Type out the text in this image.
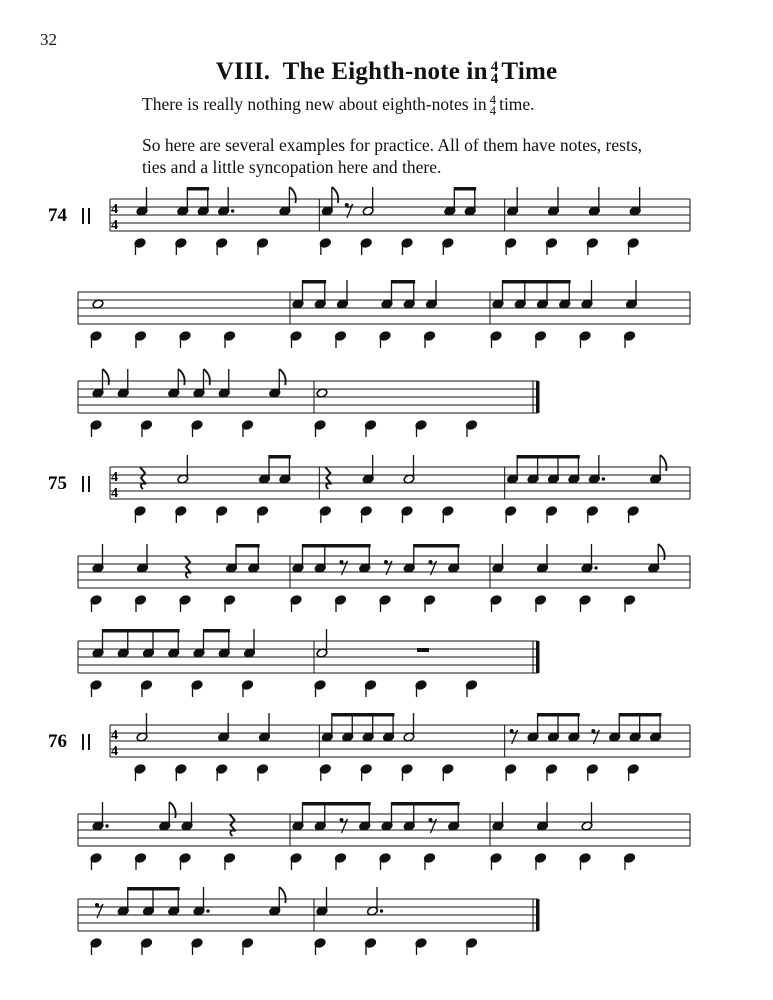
32
VIII. The Eighth-note in 4
4 Time
There is really nothing new about eighth-notes in 4
4 time.
So here are several examples for practice. All of them have notes, rests, ties and a little syncopation here and there.
74	4
4
75	4
4
76	4
4
